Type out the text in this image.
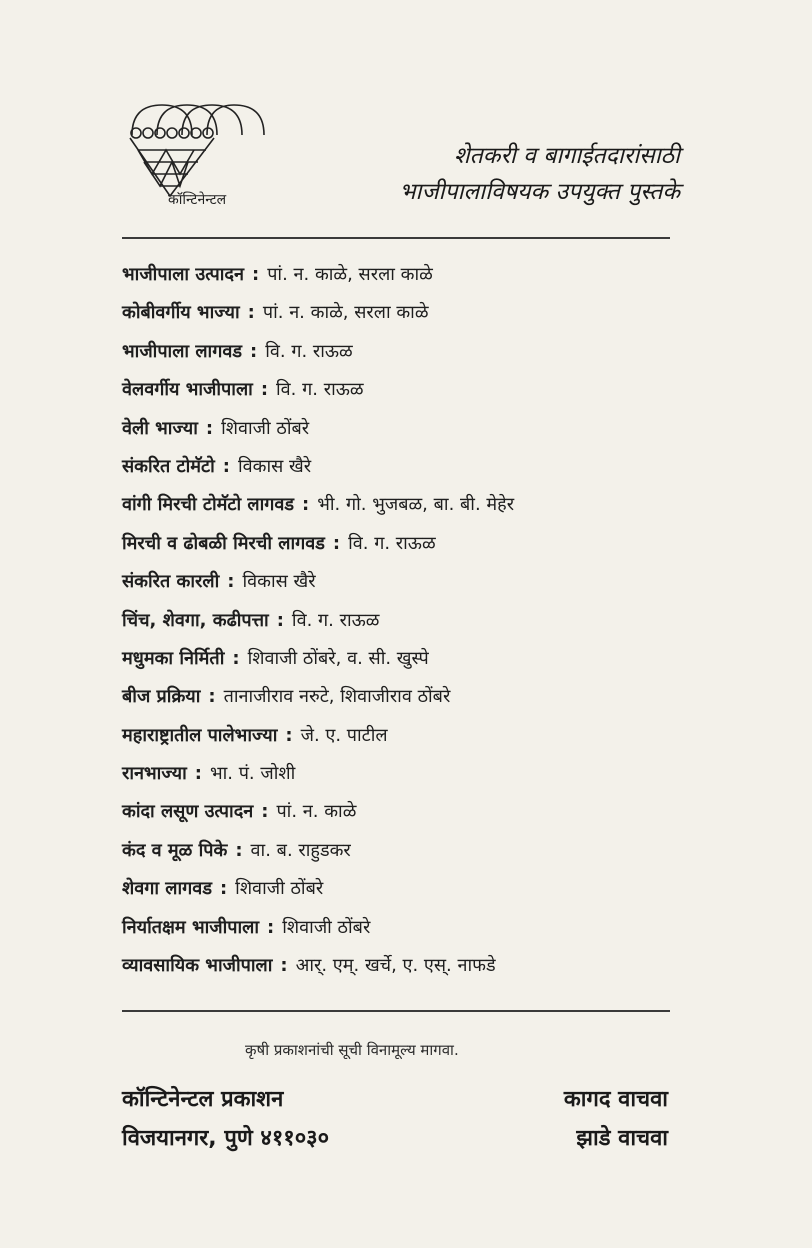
कॉन्टिनेन्टल
शेतकरी व बागाईतदारांसाठी
भाजीपालाविषयक उपयुक्त पुस्तके
भाजीपाला उत्पादन : पां. न. काळे, सरला काळे
कोबीवर्गीय भाज्या : पां. न. काळे, सरला काळे
भाजीपाला लागवड : वि. ग. राऊळ
वेलवर्गीय भाजीपाला : वि. ग. राऊळ
वेली भाज्या : शिवाजी ठोंबरे
संकरित टोमॅटो : विकास खैरे
वांगी मिरची टोमॅटो लागवड : भी. गो. भुजबळ, बा. बी. मेहेर
मिरची व ढोबळी मिरची लागवड : वि. ग. राऊळ
संकरित कारली : विकास खैरे
चिंच, शेवगा, कढीपत्ता : वि. ग. राऊळ
मधुमका निर्मिती : शिवाजी ठोंबरे, व. सी. खुस्पे
बीज प्रक्रिया : तानाजीराव नरुटे, शिवाजीराव ठोंबरे
महाराष्ट्रातील पालेभाज्या : जे. ए. पाटील
रानभाज्या : भा. पं. जोशी
कांदा लसूण उत्पादन : पां. न. काळे
कंद व मूळ पिके : वा. ब. राहुडकर
शेवगा लागवड : शिवाजी ठोंबरे
निर्यातक्षम भाजीपाला : शिवाजी ठोंबरे
व्यावसायिक भाजीपाला : आर्. एम्. खर्चे, ए. एस्. नाफडे
कृषी प्रकाशनांची सूची विनामूल्य मागवा.
कॉन्टिनेन्टल प्रकाशन
विजयानगर, पुणे ४११०३०
कागद वाचवा
झाडे वाचवा
